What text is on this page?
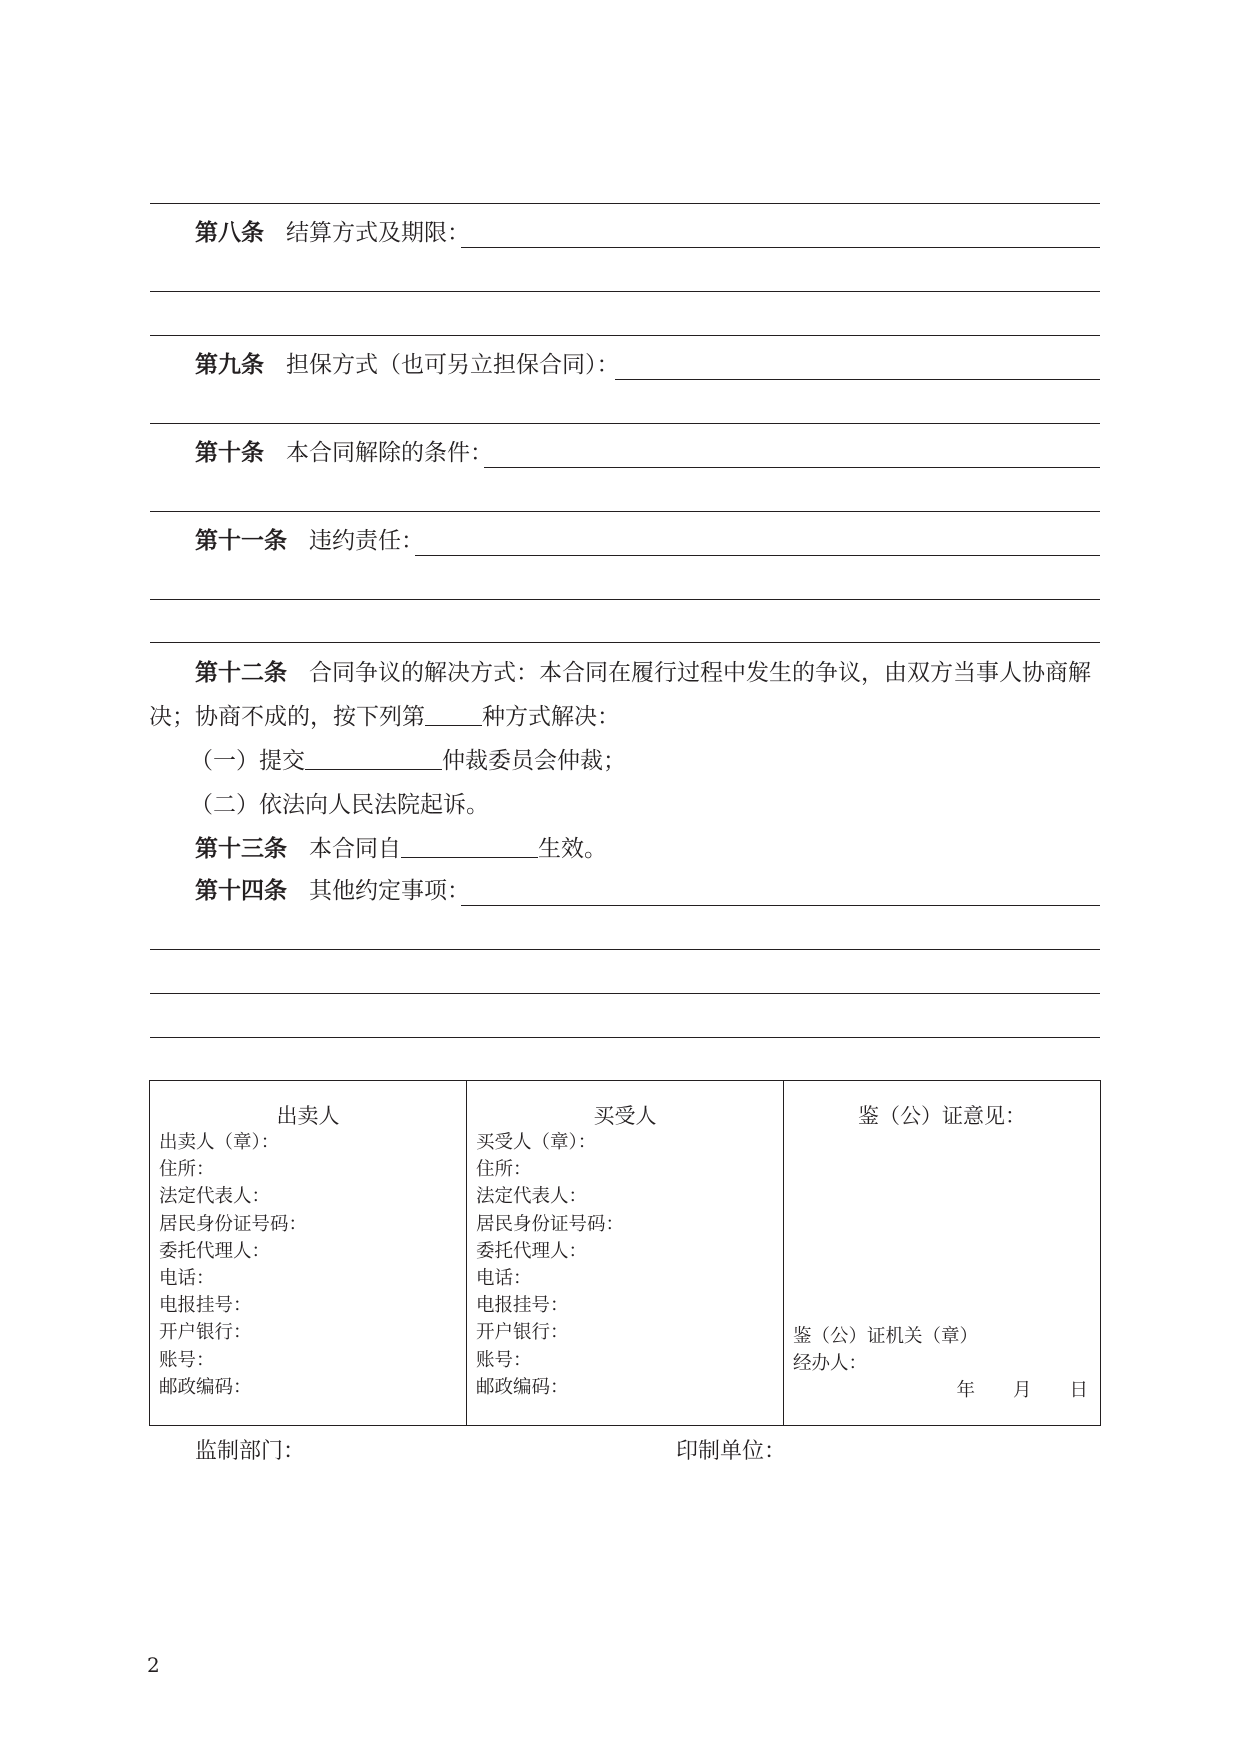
第八条 结算方式及期限：
第九条 担保方式（也可另立担保合同）：
第十条 本合同解除的条件：
第十一条 违约责任：
第十二条 合同争议的解决方式：本合同在履行过程中发生的争议，由双方当事人协商解
决；协商不成的，按下列第 种方式解决：
（一）提交	仲裁委员会仲裁；
（二）依法向人民法院起诉。
第十三条 本合同自	生效。
第十四条 其他约定事项：
出卖人
出卖人（章）：
住所：
法定代表人：
居民身份证号码：
委托代理人：
电话：
电报挂号：
开户银行：
账号：
邮政编码：
买受人
买受人（章）：
住所：
法定代表人：
居民身份证号码：
委托代理人：
电话：
电报挂号：
开户银行：
账号：
邮政编码：
鉴（公）证意见：
鉴（公）证机关（章）
经办人：
年 月 日
监制部门：	印制单位：
2
